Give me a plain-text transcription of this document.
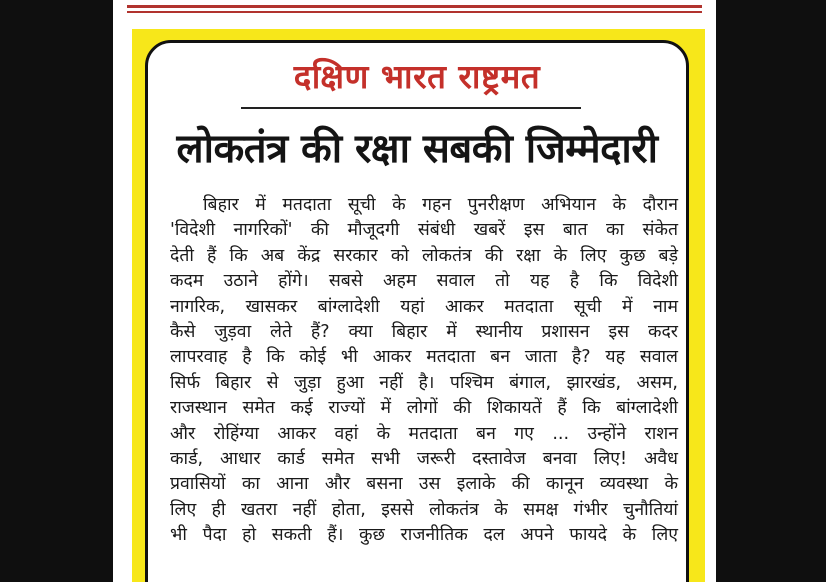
दक्षिण भारत राष्ट्रमत
लोकतंत्र की रक्षा सबकी जिम्मेदारी
बिहार में मतदाता सूची के गहन पुनरीक्षण अभियान के दौरान
'विदेशी नागरिकों' की मौजूदगी संबंधी खबरें इस बात का संकेत
देती हैं कि अब केंद्र सरकार को लोकतंत्र की रक्षा के लिए कुछ बड़े
कदम उठाने होंगे। सबसे अहम सवाल तो यह है कि विदेशी
नागरिक, खासकर बांग्लादेशी यहां आकर मतदाता सूची में नाम
कैसे जुड़वा लेते हैं? क्या बिहार में स्थानीय प्रशासन इस कदर
लापरवाह है कि कोई भी आकर मतदाता बन जाता है? यह सवाल
सिर्फ बिहार से जुड़ा हुआ नहीं है। पश्चिम बंगाल, झारखंड, असम,
राजस्थान समेत कई राज्यों में लोगों की शिकायतें हैं कि बांग्लादेशी
और रोहिंग्या आकर वहां के मतदाता बन गए ... उन्होंने राशन
कार्ड, आधार कार्ड समेत सभी जरूरी दस्तावेज बनवा लिए! अवैध
प्रवासियों का आना और बसना उस इलाके की कानून व्यवस्था के
लिए ही खतरा नहीं होता, इससे लोकतंत्र के समक्ष गंभीर चुनौतियां
भी पैदा हो सकती हैं। कुछ राजनीतिक दल अपने फायदे के लिए
